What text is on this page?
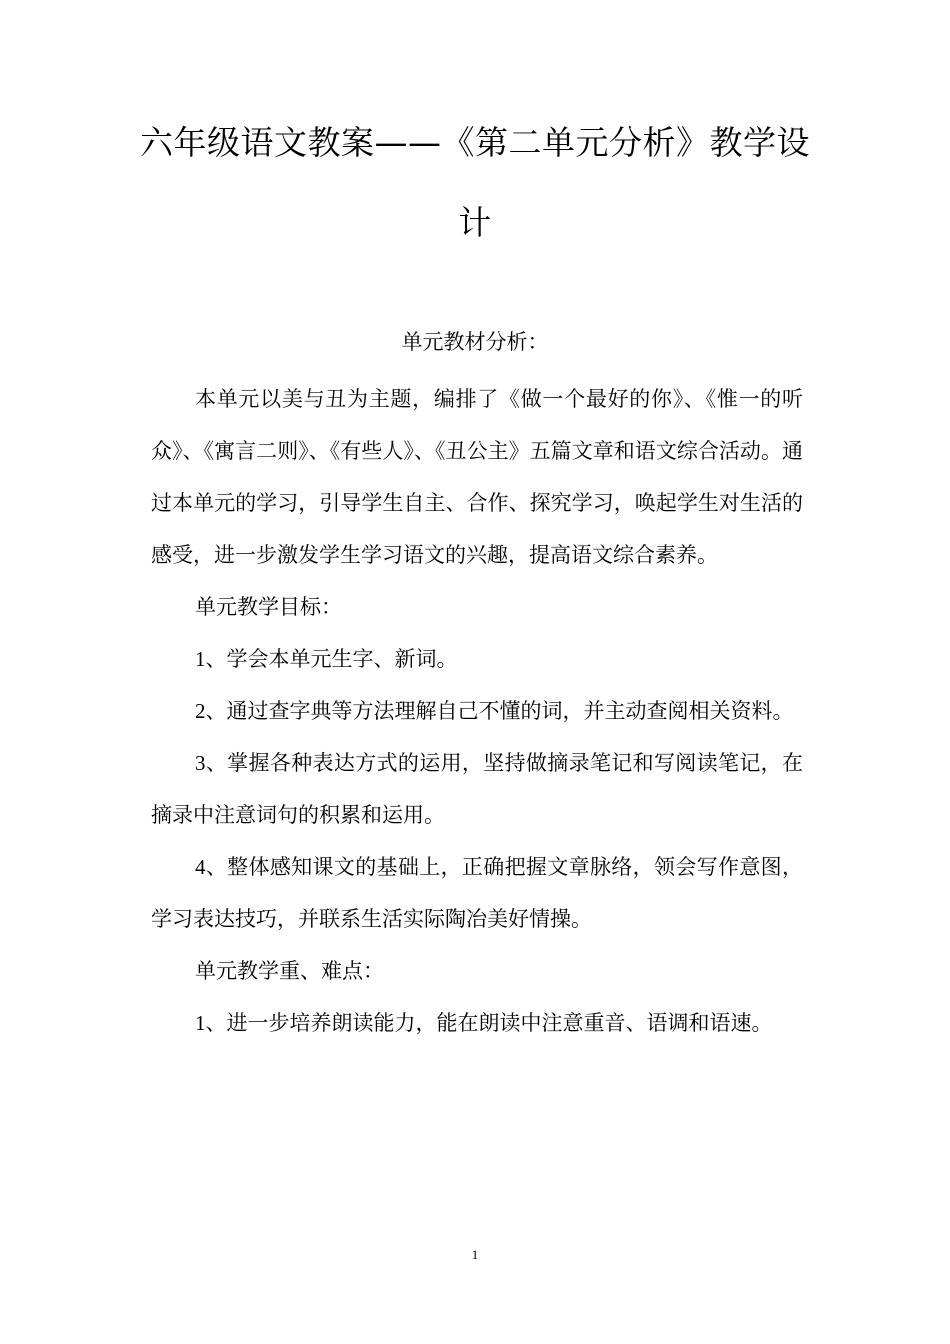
六年级语文教案——《第二单元分析》教学设计
单元教材分析：

本单元以美与丑为主题，编排了《做一个最好的你》、《惟一的听众》、《寓言二则》、《有些人》、《丑公主》五篇文章和语文综合活动。通过本单元的学习，引导学生自主、合作、探究学习，唤起学生对生活的感受，进一步激发学生学习语文的兴趣，提高语文综合素养。

单元教学目标：

1、学会本单元生字、新词。

2、通过查字典等方法理解自己不懂的词，并主动查阅相关资料。

3、掌握各种表达方式的运用，坚持做摘录笔记和写阅读笔记，在摘录中注意词句的积累和运用。

4、整体感知课文的基础上，正确把握文章脉络，领会写作意图，学习表达技巧，并联系生活实际陶冶美好情操。

单元教学重、难点：

1、进一步培养朗读能力，能在朗读中注意重音、语调和语速。

1
